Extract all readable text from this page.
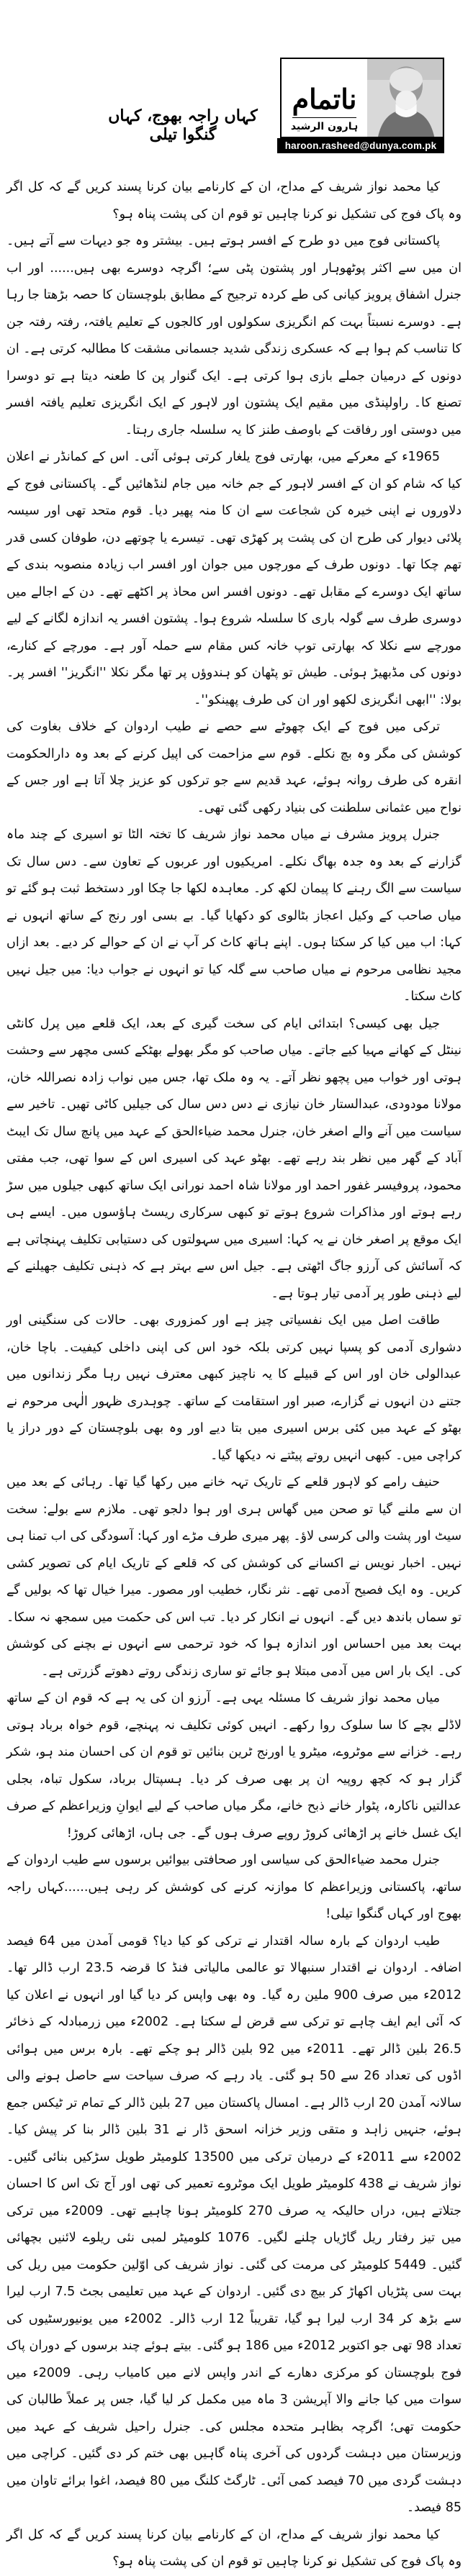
ناتمام
ہارون الرشید
haroon.rasheed@dunya.com.pk
کہاں راجہ بھوج، کہاں گنگوا تیلی

کیا محمد نواز شریف کے مداح، ان کے کارنامے بیان کرنا پسند کریں گے کہ کل اگر وہ پاک فوج کی تشکیل نو کرنا چاہیں تو قوم ان کی پشت پناہ ہو؟

پاکستانی فوج میں دو طرح کے افسر ہوتے ہیں۔ بیشتر وہ جو دیہات سے آتے ہیں۔ ان میں سے اکثر پوٹھوہار اور پشتون پٹی سے؛ اگرچہ دوسرے بھی ہیں...... اور اب جنرل اشفاق پرویز کیانی کی طے کردہ ترجیح کے مطابق بلوچستان کا حصہ بڑھتا جا رہا ہے۔ دوسرے نسبتاً بہت کم انگریزی سکولوں اور کالجوں کے تعلیم یافتہ، رفتہ رفتہ جن کا تناسب کم ہوا ہے کہ عسکری زندگی شدید جسمانی مشقت کا مطالبہ کرتی ہے۔ ان دونوں کے درمیان جملے بازی ہوا کرتی ہے۔ ایک گنوار پن کا طعنہ دیتا ہے تو دوسرا تصنع کا۔ راولپنڈی میں مقیم ایک پشتون اور لاہور کے ایک انگریزی تعلیم یافتہ افسر میں دوستی اور رفاقت کے باوصف طنز کا یہ سلسلہ جاری رہتا۔

1965ء کے معرکے میں، بھارتی فوج یلغار کرتی ہوئی آئی۔ اس کے کمانڈر نے اعلان کیا کہ شام کو ان کے افسر لاہور کے جم خانہ میں جام لنڈھائیں گے۔ پاکستانی فوج کے دلاوروں نے اپنی خیرہ کن شجاعت سے ان کا منہ پھیر دیا۔ قوم متحد تھی اور سیسہ پلائی دیوار کی طرح ان کی پشت پر کھڑی تھی۔ تیسرے یا چوتھے دن، طوفان کسی قدر تھم چکا تھا۔ دونوں طرف کے مورچوں میں جوان اور افسر اب زیادہ منصوبہ بندی کے ساتھ ایک دوسرے کے مقابل تھے۔ دونوں افسر اس محاذ پر اکٹھے تھے۔ دن کے اجالے میں دوسری طرف سے گولہ باری کا سلسلہ شروع ہوا۔ پشتون افسر یہ اندازہ لگانے کے لیے مورچے سے نکلا کہ بھارتی توپ خانہ کس مقام سے حملہ آور ہے۔ مورچے کے کنارے، دونوں کی مڈبھیڑ ہوئی۔ طیش تو پٹھان کو ہندوؤں پر تھا مگر نکلا ''انگریز'' افسر پر۔ بولا: ''ابھی انگریزی لکھو اور ان کی طرف پھینکو''۔

ترکی میں فوج کے ایک چھوٹے سے حصے نے طیب اردوان کے خلاف بغاوت کی کوشش کی مگر وہ بچ نکلے۔ قوم سے مزاحمت کی اپیل کرنے کے بعد وہ دارالحکومت انقرہ کی طرف روانہ ہوئے، عہد قدیم سے جو ترکوں کو عزیز چلا آتا ہے اور جس کے نواح میں عثمانی سلطنت کی بنیاد رکھی گئی تھی۔

جنرل پرویز مشرف نے میاں محمد نواز شریف کا تختہ الٹا تو اسیری کے چند ماہ گزارنے کے بعد وہ جدہ بھاگ نکلے۔ امریکیوں اور عربوں کے تعاون سے۔ دس سال تک سیاست سے الگ رہنے کا پیمان لکھ کر۔ معاہدہ لکھا جا چکا اور دستخط ثبت ہو گئے تو میاں صاحب کے وکیل اعجاز بٹالوی کو دکھایا گیا۔ بے بسی اور رنج کے ساتھ انہوں نے کہا: اب میں کیا کر سکتا ہوں۔ اپنے ہاتھ کاٹ کر آپ نے ان کے حوالے کر دیے۔ بعد ازاں مجید نظامی مرحوم نے میاں صاحب سے گلہ کیا تو انہوں نے جواب دیا: میں جیل نہیں کاٹ سکتا۔

جیل بھی کیسی؟ ابتدائی ایام کی سخت گیری کے بعد، ایک قلعے میں پرل کانٹی نینٹل کے کھانے مہیا کیے جاتے۔ میاں صاحب کو مگر بھولے بھٹکے کسی مچھر سے وحشت ہوتی اور خواب میں پچھو نظر آتے۔ یہ وہ ملک تھا، جس میں نواب زادہ نصراللہ خان، مولانا مودودی، عبدالستار خان نیازی نے دس دس سال کی جیلیں کاٹی تھیں۔ تاخیر سے سیاست میں آنے والے اصغر خان، جنرل محمد ضیاءالحق کے عہد میں پانچ سال تک ایبٹ آباد کے گھر میں نظر بند رہے تھے۔ بھٹو عہد کی اسیری اس کے سوا تھی، جب مفتی محمود، پروفیسر غفور احمد اور مولانا شاہ احمد نورانی ایک ساتھ کبھی جیلوں میں سڑ رہے ہوتے اور مذاکرات شروع ہوتے تو کبھی سرکاری ریسٹ ہاؤسوں میں۔ ایسے ہی ایک موقع پر اصغر خان نے یہ کہا: اسیری میں سہولتوں کی دستیابی تکلیف پہنچاتی ہے کہ آسائش کی آرزو جاگ اٹھتی ہے۔ جیل اس سے بہتر ہے کہ ذہنی تکلیف جھیلنے کے لیے ذہنی طور پر آدمی تیار ہوتا ہے۔

طاقت اصل میں ایک نفسیاتی چیز ہے اور کمزوری بھی۔ حالات کی سنگینی اور دشواری آدمی کو پسپا نہیں کرتی بلکہ خود اس کی اپنی داخلی کیفیت۔ باچا خان، عبدالولی خان اور اس کے قبیلے کا یہ ناچیز کبھی معترف نہیں رہا مگر زندانوں میں جتنے دن انہوں نے گزارے، صبر اور استقامت کے ساتھ۔ چوہدری ظہور الٰہی مرحوم نے بھٹو کے عہد میں کئی برس اسیری میں بتا دیے اور وہ بھی بلوچستان کے دور دراز یا کراچی میں۔ کبھی انہیں روتے پیٹتے نہ دیکھا گیا۔

حنیف رامے کو لاہور قلعے کے تاریک تہہ خانے میں رکھا گیا تھا۔ رہائی کے بعد میں ان سے ملنے گیا تو صحن میں گھاس ہری اور ہوا دلجو تھی۔ ملازم سے بولے: سخت سیٹ اور پشت والی کرسی لاؤ۔ پھر میری طرف مڑے اور کہا: آسودگی کی اب تمنا ہی نہیں۔ اخبار نویس نے اکسانے کی کوشش کی کہ قلعے کے تاریک ایام کی تصویر کشی کریں۔ وہ ایک فصیح آدمی تھے۔ نثر نگار، خطیب اور مصور۔ میرا خیال تھا کہ بولیں گے تو سماں باندھ دیں گے۔ انہوں نے انکار کر دیا۔ تب اس کی حکمت میں سمجھ نہ سکا۔ بہت بعد میں احساس اور اندازہ ہوا کہ خود ترحمی سے انہوں نے بچنے کی کوشش کی۔ ایک بار اس میں آدمی مبتلا ہو جائے تو ساری زندگی روتے دھوتے گزرتی ہے۔

میاں محمد نواز شریف کا مسئلہ یہی ہے۔ آرزو ان کی یہ ہے کہ قوم ان کے ساتھ لاڈلے بچے کا سا سلوک روا رکھے۔ انہیں کوئی تکلیف نہ پہنچے، قوم خواہ برباد ہوتی رہے۔ خزانے سے موٹروے، میٹرو یا اورنج ٹرین بنائیں تو قوم ان کی احسان مند ہو، شکر گزار ہو کہ کچھ روپیہ ان پر بھی صرف کر دیا۔ ہسپتال برباد، سکول تباہ، بجلی عدالتیں ناکارہ، پٹوار خانے ذبح خانے، مگر میاں صاحب کے لیے ایوانِ وزیراعظم کے صرف ایک غسل خانے پر اڑھائی کروڑ روپے صرف ہوں گے۔ جی ہاں، اڑھائی کروڑ!

جنرل محمد ضیاءالحق کی سیاسی اور صحافتی بیوائیں برسوں سے طیب اردوان کے ساتھ، پاکستانی وزیراعظم کا موازنہ کرنے کی کوشش کر رہی ہیں......کہاں راجہ بھوج اور کہاں گنگوا تیلی!

طیب اردوان کے بارہ سالہ اقتدار نے ترکی کو کیا دیا؟ قومی آمدن میں 64 فیصد اضافہ۔ اردوان نے اقتدار سنبھالا تو عالمی مالیاتی فنڈ کا قرضہ 23.5 ارب ڈالر تھا۔ 2012ء میں صرف 900 ملین رہ گیا۔ وہ بھی واپس کر دیا گیا اور انہوں نے اعلان کیا کہ آئی ایم ایف چاہے تو ترکی سے قرض لے سکتا ہے۔ 2002ء میں زرمبادلہ کے ذخائر 26.5 بلین ڈالر تھے۔ 2011ء میں 92 بلین ڈالر ہو چکے تھے۔ بارہ برس میں ہوائی اڈوں کی تعداد 26 سے 50 ہو گئی۔ یاد رہے کہ صرف سیاحت سے حاصل ہونے والی سالانہ آمدن 20 ارب ڈالر ہے۔ امسال پاکستان میں 27 بلین ڈالر کے تمام تر ٹیکس جمع ہوئے، جنہیں زاہد و متقی وزیر خزانہ اسحق ڈار نے 31 بلین ڈالر بنا کر پیش کیا۔ 2002ء سے 2011ء کے درمیان ترکی میں 13500 کلومیٹر طویل سڑکیں بنائی گئیں۔ نواز شریف نے 438 کلومیٹر طویل ایک موٹروے تعمیر کی تھی اور آج تک اس کا احسان جتلاتے ہیں، دراں حالیکہ یہ صرف 270 کلومیٹر ہونا چاہیے تھی۔ 2009ء میں ترکی میں تیز رفتار ریل گاڑیاں چلنے لگیں۔ 1076 کلومیٹر لمبی نئی ریلوے لائنیں بچھائی گئیں۔ 5449 کلومیٹر کی مرمت کی گئی۔ نواز شریف کی اوّلین حکومت میں ریل کی بہت سی پٹڑیاں اکھاڑ کر بیچ دی گئیں۔ اردوان کے عہد میں تعلیمی بجٹ 7.5 ارب لیرا سے بڑھ کر 34 ارب لیرا ہو گیا، تقریباً 12 ارب ڈالر۔ 2002ء میں یونیورسٹیوں کی تعداد 98 تھی جو اکتوبر 2012ء میں 186 ہو گئی۔ بیتے ہوئے چند برسوں کے دوران پاک فوج بلوچستان کو مرکزی دھارے کے اندر واپس لانے میں کامیاب رہی۔ 2009ء میں سوات میں کیا جانے والا آپریشن 3 ماہ میں مکمل کر لیا گیا، جس پر عملاً طالبان کی حکومت تھی؛ اگرچہ بظاہر متحدہ مجلس کی۔ جنرل راحیل شریف کے عہد میں وزیرستان میں دہشت گردوں کی آخری پناہ گاہیں بھی ختم کر دی گئیں۔ کراچی میں دہشت گردی میں 70 فیصد کمی آئی۔ ٹارگٹ کلنگ میں 80 فیصد، اغوا برائے تاوان میں 85 فیصد۔

کیا محمد نواز شریف کے مداح، ان کے کارنامے بیان کرنا پسند کریں گے کہ کل اگر وہ پاک فوج کی تشکیل نو کرنا چاہیں تو قوم ان کی پشت پناہ ہو؟
